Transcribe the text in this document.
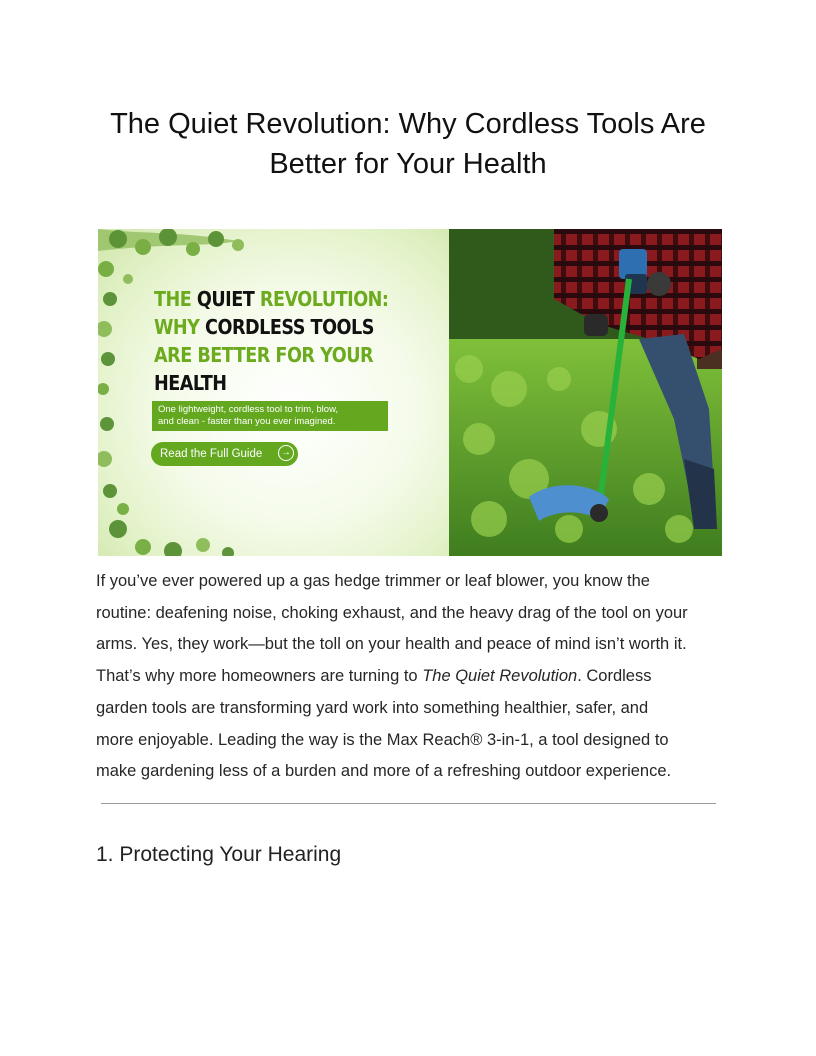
The Quiet Revolution: Why Cordless Tools Are
Better for Your Health
THE QUIET REVOLUTION:
WHY CORDLESS TOOLS
ARE BETTER FOR YOUR
HEALTH
One lightweight, cordless tool to trim, blow,
and clean - faster than you ever imagined.
Read the Full Guide	→

If you’ve ever powered up a gas hedge trimmer or leaf blower, you know the
routine: deafening noise, choking exhaust, and the heavy drag of the tool on your
arms. Yes, they work—but the toll on your health and peace of mind isn’t worth it.
That’s why more homeowners are turning to The Quiet Revolution. Cordless
garden tools are transforming yard work into something healthier, safer, and
more enjoyable. Leading the way is the Max Reach® 3-in-1, a tool designed to
make gardening less of a burden and more of a refreshing outdoor experience.

1. Protecting Your Hearing
